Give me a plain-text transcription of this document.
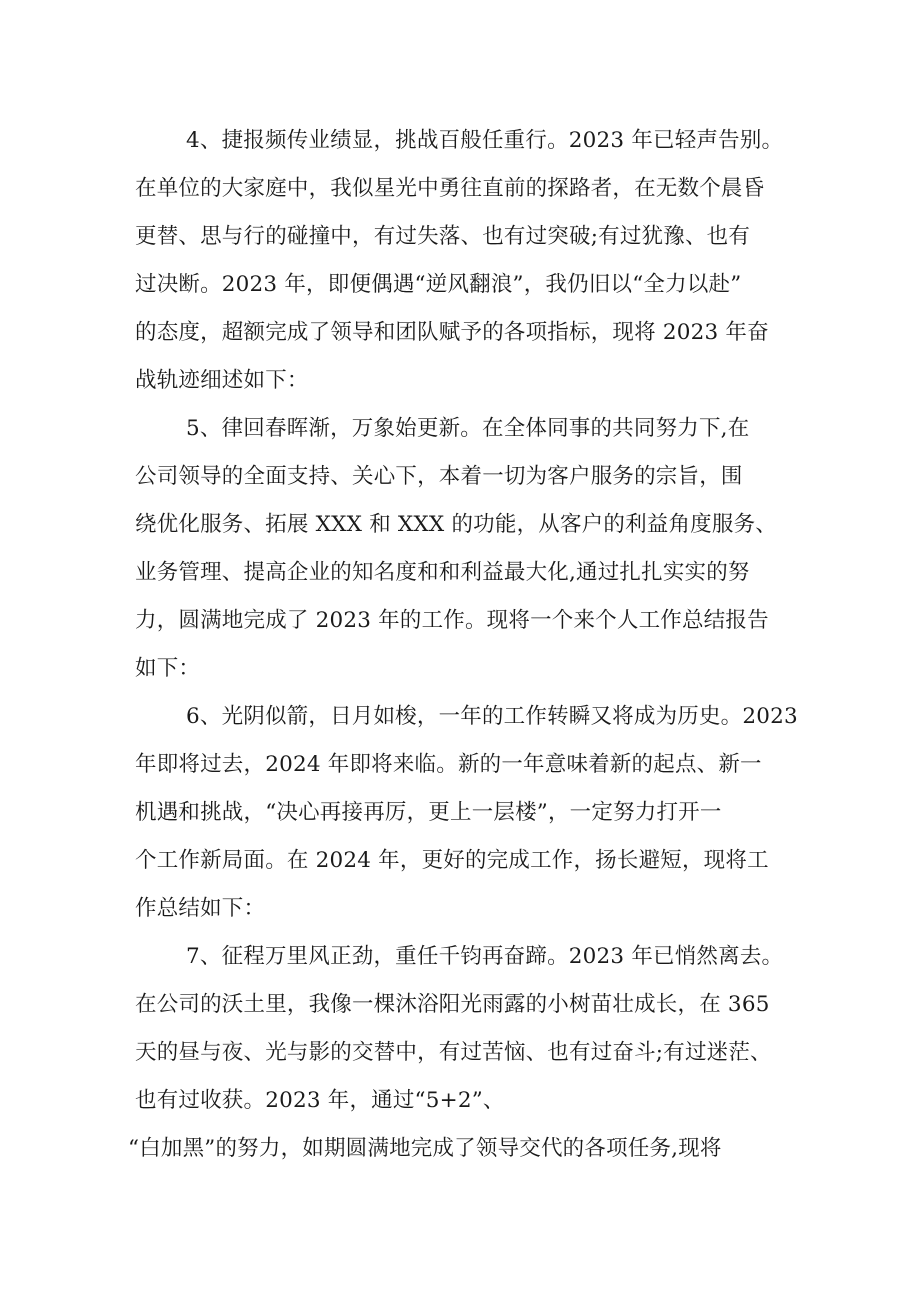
4、捷报频传业绩显，挑战百般任重行。2023 年已轻声告别。
在单位的大家庭中，我似星光中勇往直前的探路者，在无数个晨昏
更替、思与行的碰撞中，有过失落、也有过突破;有过犹豫、也有
过决断。2023 年，即便偶遇“逆风翻浪”，我仍旧以“全力以赴”
的态度，超额完成了领导和团队赋予的各项指标，现将 2023 年奋
战轨迹细述如下：
5、律回春晖渐，万象始更新。在全体同事的共同努力下,在
公司领导的全面支持、关心下，本着一切为客户服务的宗旨，围
绕优化服务、拓展 XXX 和 XXX 的功能，从客户的利益角度服务、
业务管理、提高企业的知名度和和利益最大化,通过扎扎实实的努
力，圆满地完成了 2023 年的工作。现将一个来个人工作总结报告
如下：
6、光阴似箭，日月如梭，一年的工作转瞬又将成为历史。2023
年即将过去，2024 年即将来临。新的一年意味着新的起点、新一
机遇和挑战，“决心再接再厉，更上一层楼”，一定努力打开一
个工作新局面。在 2024 年，更好的完成工作，扬长避短，现将工
作总结如下：
7、征程万里风正劲，重任千钧再奋蹄。2023 年已悄然离去。
在公司的沃土里，我像一棵沐浴阳光雨露的小树苗壮成长，在 365
天的昼与夜、光与影的交替中，有过苦恼、也有过奋斗;有过迷茫、
也有过收获。2023 年，通过“5+2”、
“白加黑”的努力，如期圆满地完成了领导交代的各项任务,现将
